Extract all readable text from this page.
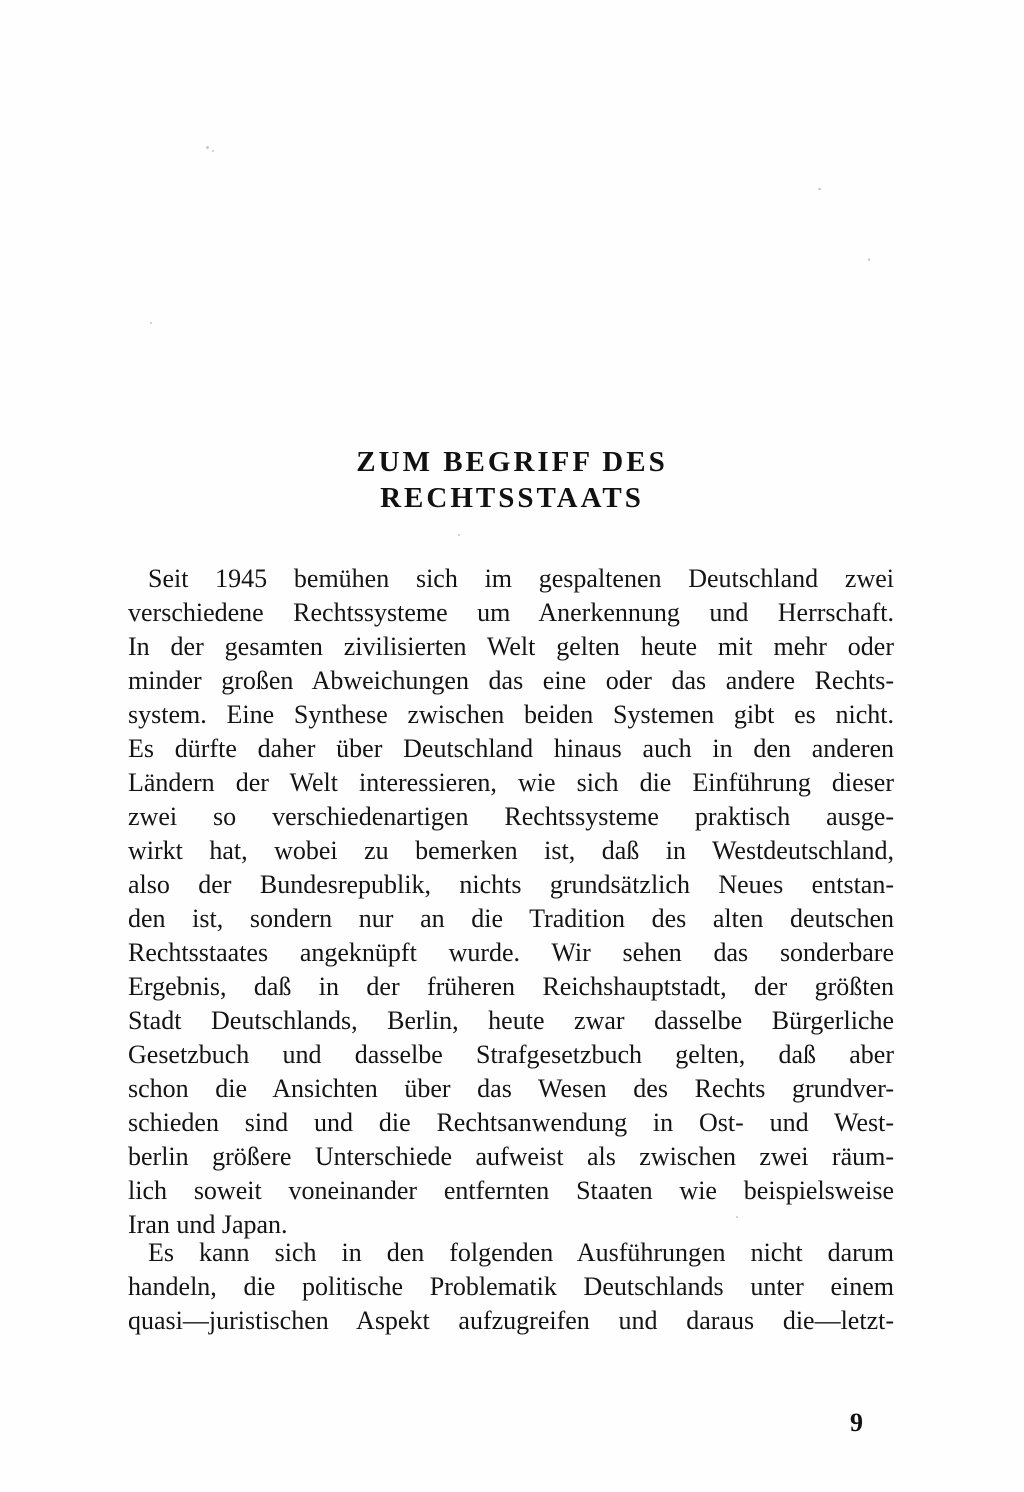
ZUM BEGRIFF DES
RECHTSSTAATS
Seit 1945 bemühen sich im gespaltenen Deutschland zwei
verschiedene Rechtssysteme um Anerkennung und Herrschaft.
In der gesamten zivilisierten Welt gelten heute mit mehr oder
minder großen Abweichungen das eine oder das andere Rechts-
system. Eine Synthese zwischen beiden Systemen gibt es nicht.
Es dürfte daher über Deutschland hinaus auch in den anderen
Ländern der Welt interessieren, wie sich die Einführung dieser
zwei so verschiedenartigen Rechtssysteme praktisch ausge-
wirkt hat, wobei zu bemerken ist, daß in Westdeutschland,
also der Bundesrepublik, nichts grundsätzlich Neues entstan-
den ist, sondern nur an die Tradition des alten deutschen
Rechtsstaates angeknüpft wurde. Wir sehen das sonderbare
Ergebnis, daß in der früheren Reichshauptstadt, der größten
Stadt Deutschlands, Berlin, heute zwar dasselbe Bürgerliche
Gesetzbuch und dasselbe Strafgesetzbuch gelten, daß aber
schon die Ansichten über das Wesen des Rechts grundver-
schieden sind und die Rechtsanwendung in Ost- und West-
berlin größere Unterschiede aufweist als zwischen zwei räum-
lich soweit voneinander entfernten Staaten wie beispielsweise
Iran und Japan.
Es kann sich in den folgenden Ausführungen nicht darum
handeln, die politische Problematik Deutschlands unter einem
quasi—juristischen Aspekt aufzugreifen und daraus die—letzt-
9
